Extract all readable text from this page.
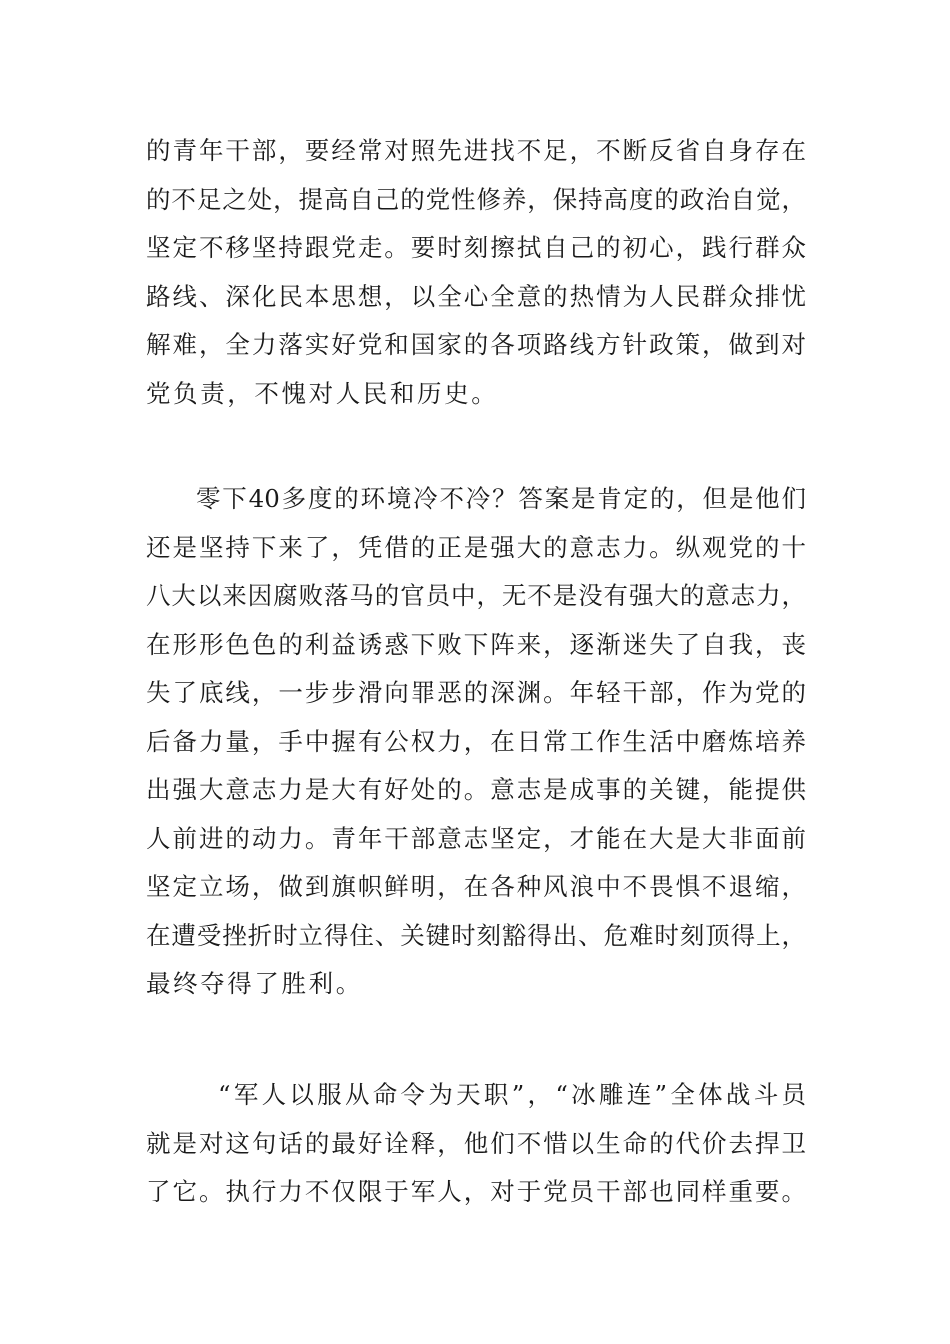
的青年干部，要经常对照先进找不足，不断反省自身存在
的不足之处，提高自己的党性修养，保持高度的政治自觉，
坚定不移坚持跟党走。要时刻擦拭自己的初心，践行群众
路线、深化民本思想，以全心全意的热情为人民群众排忧
解难，全力落实好党和国家的各项路线方针政策，做到对
党负责，不愧对人民和历史。
零下40多度的环境冷不冷？答案是肯定的，但是他们
还是坚持下来了，凭借的正是强大的意志力。纵观党的十
八大以来因腐败落马的官员中，无不是没有强大的意志力，
在形形色色的利益诱惑下败下阵来，逐渐迷失了自我，丧
失了底线，一步步滑向罪恶的深渊。年轻干部，作为党的
后备力量，手中握有公权力，在日常工作生活中磨炼培养
出强大意志力是大有好处的。意志是成事的关键，能提供
人前进的动力。青年干部意志坚定，才能在大是大非面前
坚定立场，做到旗帜鲜明，在各种风浪中不畏惧不退缩，
在遭受挫折时立得住、关键时刻豁得出、危难时刻顶得上，
最终夺得了胜利。
“军人以服从命令为天职”，“冰雕连”全体战斗员
就是对这句话的最好诠释，他们不惜以生命的代价去捍卫
了它。执行力不仅限于军人，对于党员干部也同样重要。
